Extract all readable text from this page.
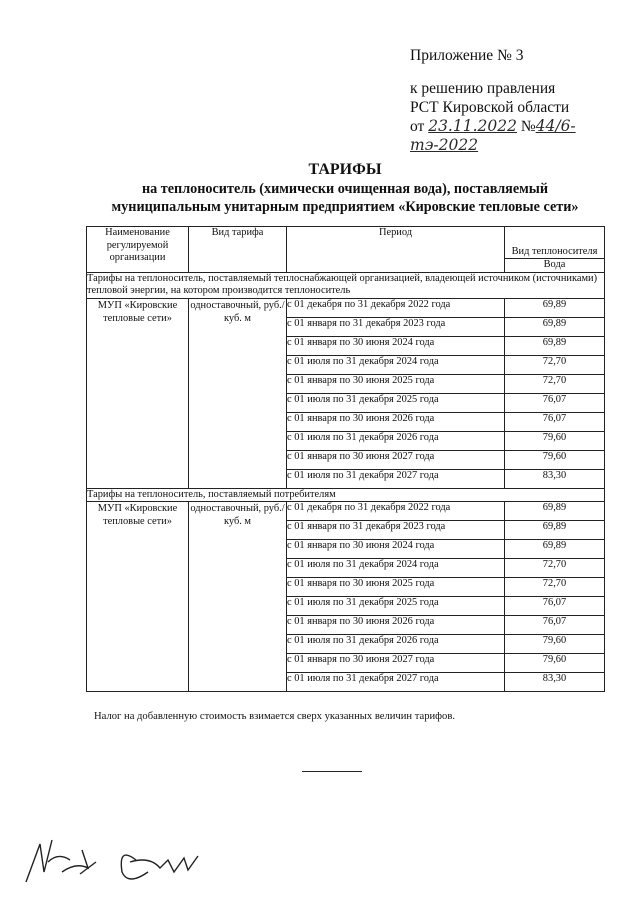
Приложение № 3
к решению правления
РСТ Кировской области
от 23.11.2022 №44/6-тэ-2022
ТАРИФЫ
на теплоноситель (химически очищенная вода), поставляемый
муниципальным унитарным предприятием «Кировские тепловые сети»
Наименование регулируемой организации	Вид тарифа	Период	Вид теплоносителя
			Вода
Тарифы на теплоноситель, поставляемый теплоснабжающей организацией, владеющей источником (источниками) тепловой энергии, на котором производится теплоноситель			
МУП «Кировские тепловые сети»	одноставочный, руб./куб. м	с 01 декабря по 31 декабря 2022 года	69,89
		с 01 января по 31 декабря 2023 года	69,89
		с 01 января по 30 июня 2024 года	69,89
		с 01 июля по 31 декабря 2024 года	72,70
		с 01 января по 30 июня 2025 года	72,70
		с 01 июля по 31 декабря 2025 года	76,07
		с 01 января по 30 июня 2026 года	76,07
		с 01 июля по 31 декабря 2026 года	79,60
		с 01 января по 30 июня 2027 года	79,60
		с 01 июля по 31 декабря 2027 года	83,30
Тарифы на теплоноситель, поставляемый потребителям			
МУП «Кировские тепловые сети»	одноставочный, руб./куб. м	с 01 декабря по 31 декабря 2022 года	69,89
		с 01 января по 31 декабря 2023 года	69,89
		с 01 января по 30 июня 2024 года	69,89
		с 01 июля по 31 декабря 2024 года	72,70
		с 01 января по 30 июня 2025 года	72,70
		с 01 июля по 31 декабря 2025 года	76,07
		с 01 января по 30 июня 2026 года	76,07
		с 01 июля по 31 декабря 2026 года	79,60
		с 01 января по 30 июня 2027 года	79,60
		с 01 июля по 31 декабря 2027 года	83,30
Налог на добавленную стоимость взимается сверх указанных величин тарифов.
